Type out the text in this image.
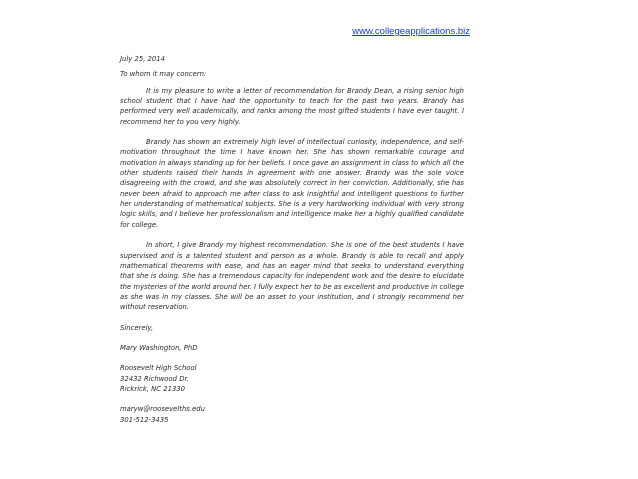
www.collegeapplications.biz

July 25, 2014

To whom it may concern:

It is my pleasure to write a letter of recommendation for Brandy Dean, a rising senior high school student that I have had the opportunity to teach for the past two years. Brandy has performed very well academically, and ranks among the most gifted students I have ever taught. I recommend her to you very highly.

Brandy has shown an extremely high level of intellectual curiosity, independence, and self-motivation throughout the time I have known her. She has shown remarkable courage and motivation in always standing up for her beliefs. I once gave an assignment in class to which all the other students raised their hands in agreement with one answer. Brandy was the sole voice disagreeing with the crowd, and she was absolutely correct in her conviction. Additionally, she has never been afraid to approach me after class to ask insightful and intelligent questions to further her understanding of mathematical subjects. She is a very hardworking individual with very strong logic skills, and I believe her professionalism and intelligence make her a highly qualified candidate for college.

In short, I give Brandy my highest recommendation. She is one of the best students I have supervised and is a talented student and person as a whole. Brandy is able to recall and apply mathematical theorems with ease, and has an eager mind that seeks to understand everything that she is doing. She has a tremendous capacity for independent work and the desire to elucidate the mysteries of the world around her. I fully expect her to be as excellent and productive in college as she was in my classes. She will be an asset to your institution, and I strongly recommend her without reservation.

Sincerely,

Mary Washington, PhD

Roosevelt High School
32432 Richwood Dr.
Rickrick, NC 21330

maryw@roosevelths.edu
301-512-3435
